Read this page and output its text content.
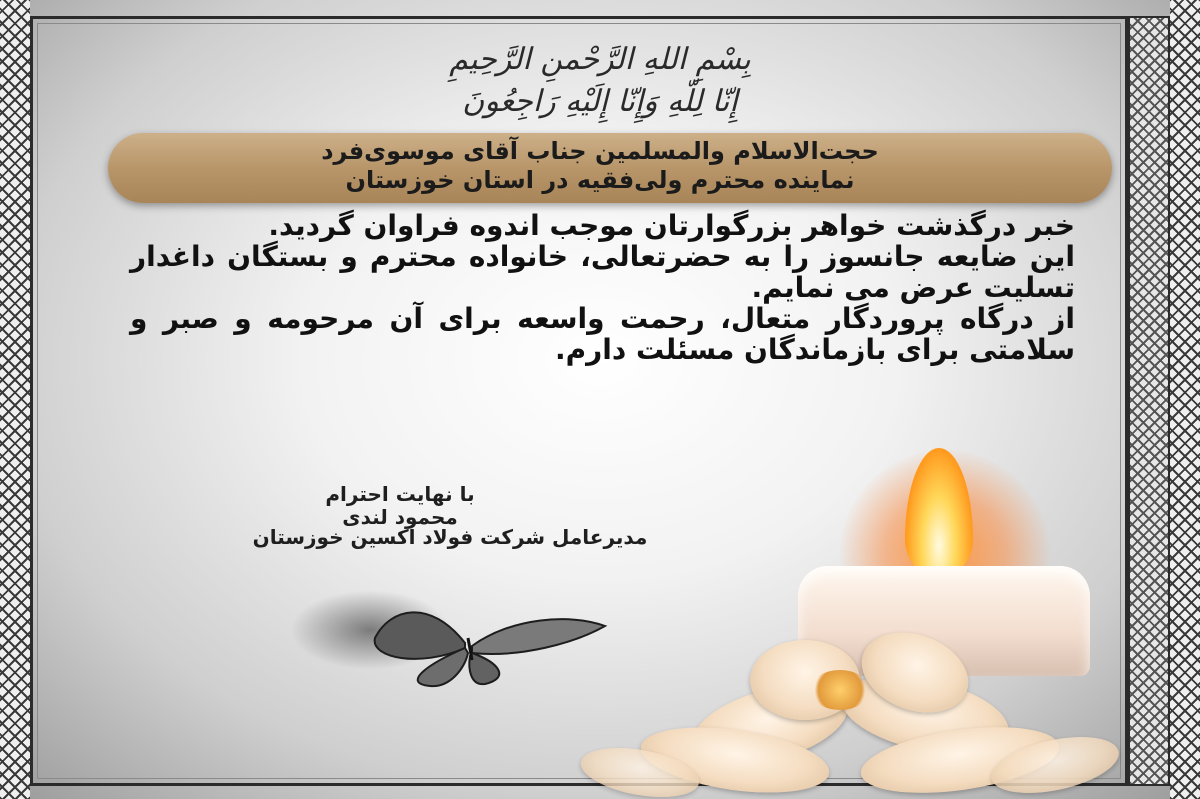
بِسْمِ اللهِ الرَّحْمنِ الرَّحِیمِ
إِنّا لِلّهِ وَإِنّا إِلَیْهِ رَاجِعُونَ
حجت‌الاسلام والمسلمین جناب آقای موسوی‌فرد
نماینده محترم ولی‌فقیه در استان خوزستان

خبر درگذشت خواهر بزرگوارتان موجب اندوه فراوان گردید.

این ضایعه جانسوز را به حضرتعالی، خانواده محترم و بستگان داغدار تسلیت عرض می نمایم.

از درگاه پروردگار متعال، رحمت واسعه برای آن مرحومه و صبر و سلامتی برای بازماندگان مسئلت دارم.

با نهایت احترام
محمود لندی
مدیرعامل شرکت فولاد اکسین خوزستان
